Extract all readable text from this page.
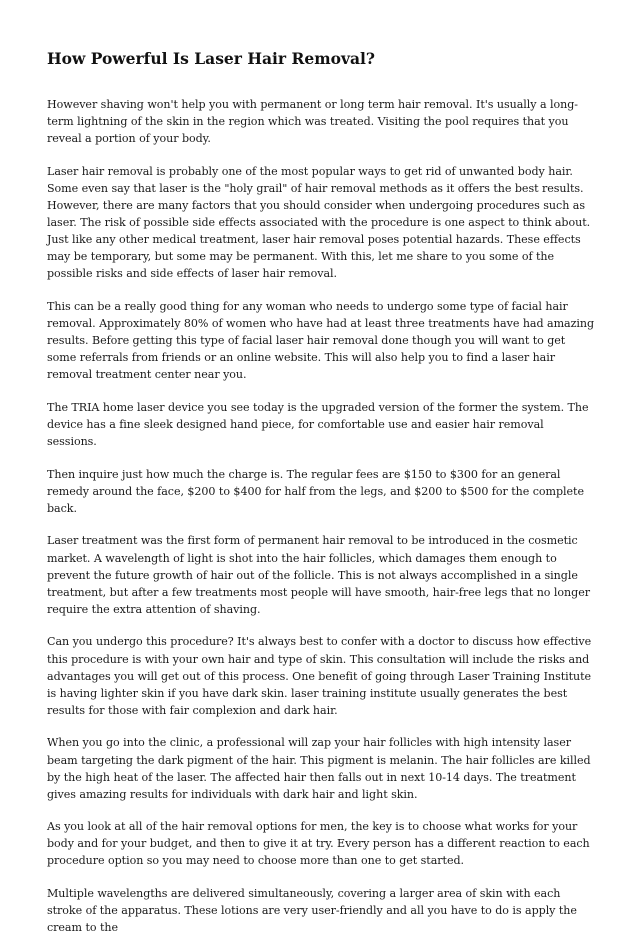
How Powerful Is Laser Hair Removal?

However shaving won't help you with permanent or long term hair removal. It's usually a long-term lightning of the skin in the region which was treated. Visiting the pool requires that you reveal a portion of your body.

Laser hair removal is probably one of the most popular ways to get rid of unwanted body hair. Some even say that laser is the "holy grail" of hair removal methods as it offers the best results. However, there are many factors that you should consider when undergoing procedures such as laser. The risk of possible side effects associated with the procedure is one aspect to think about. Just like any other medical treatment, laser hair removal poses potential hazards. These effects may be temporary, but some may be permanent. With this, let me share to you some of the possible risks and side effects of laser hair removal.

This can be a really good thing for any woman who needs to undergo some type of facial hair removal. Approximately 80% of women who have had at least three treatments have had amazing results. Before getting this type of facial laser hair removal done though you will want to get some referrals from friends or an online website. This will also help you to find a laser hair removal treatment center near you.

The TRIA home laser device you see today is the upgraded version of the former the system. The device has a fine sleek designed hand piece, for comfortable use and easier hair removal sessions.

Then inquire just how much the charge is. The regular fees are $150 to $300 for an general remedy around the face, $200 to $400 for half from the legs, and $200 to $500 for the complete back.

Laser treatment was the first form of permanent hair removal to be introduced in the cosmetic market. A wavelength of light is shot into the hair follicles, which damages them enough to prevent the future growth of hair out of the follicle. This is not always accomplished in a single treatment, but after a few treatments most people will have smooth, hair-free legs that no longer require the extra attention of shaving.

Can you undergo this procedure? It's always best to confer with a doctor to discuss how effective this procedure is with your own hair and type of skin. This consultation will include the risks and advantages you will get out of this process. One benefit of going through Laser Training Institute is having lighter skin if you have dark skin. laser training institute usually generates the best results for those with fair complexion and dark hair.

When you go into the clinic, a professional will zap your hair follicles with high intensity laser beam targeting the dark pigment of the hair. This pigment is melanin. The hair follicles are killed by the high heat of the laser. The affected hair then falls out in next 10-14 days. The treatment gives amazing results for individuals with dark hair and light skin.

As you look at all of the hair removal options for men, the key is to choose what works for your body and for your budget, and then to give it at try. Every person has a different reaction to each procedure option so you may need to choose more than one to get started.

Multiple wavelengths are delivered simultaneously, covering a larger area of skin with each stroke of the apparatus. These lotions are very user-friendly and all you have to do is apply the cream to the
